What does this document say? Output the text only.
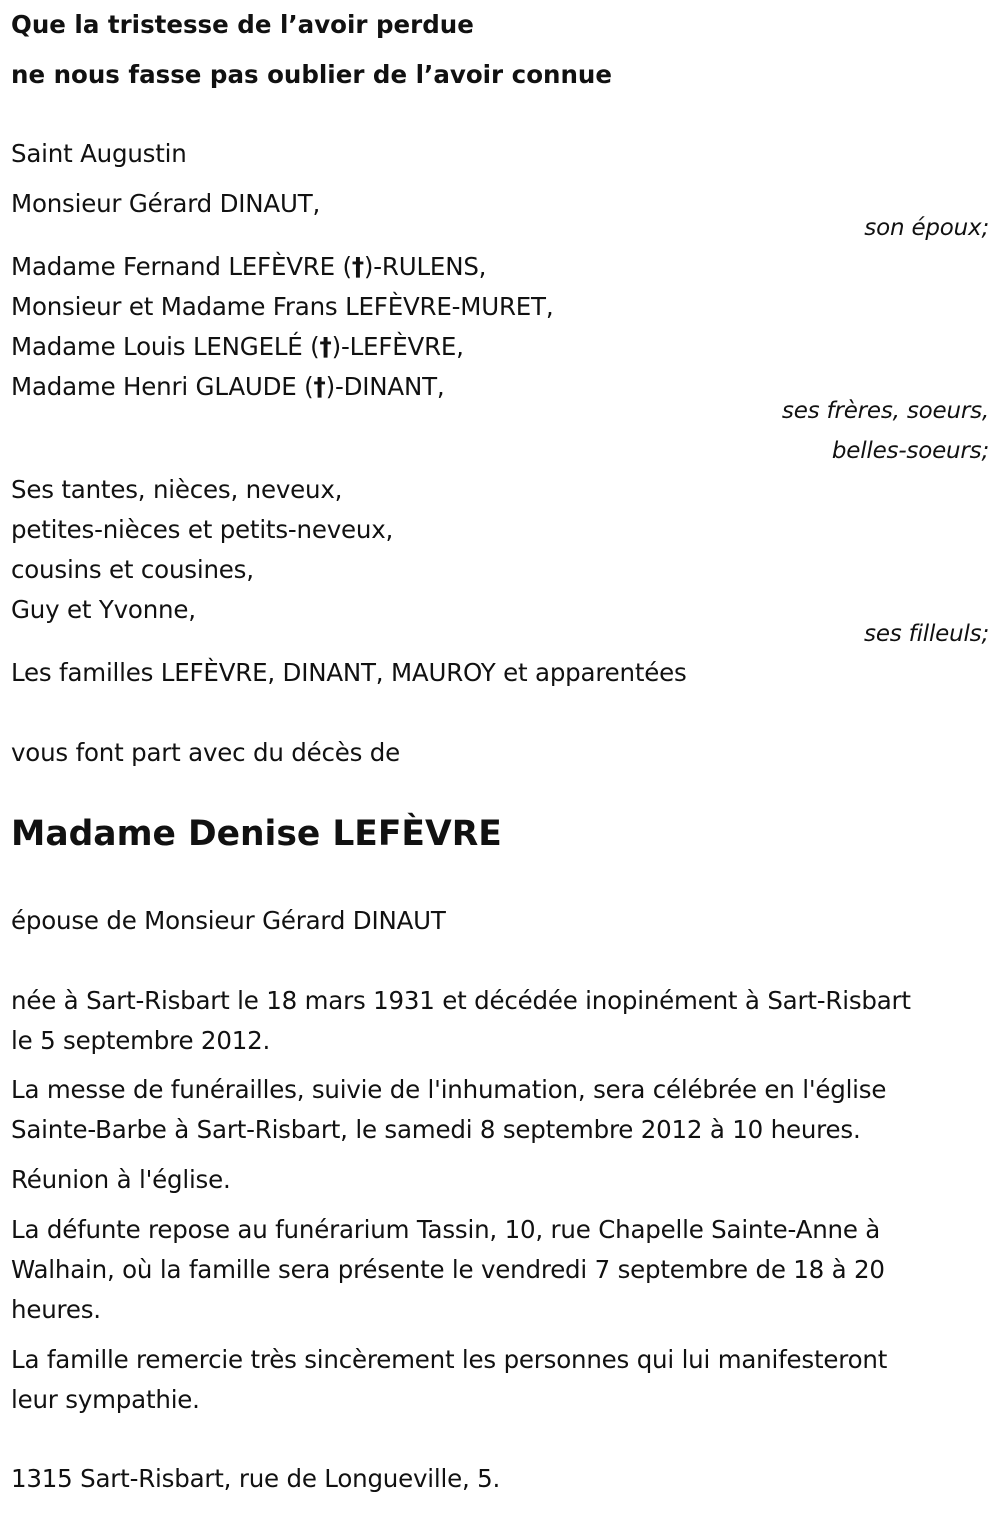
Que la tristesse de l’avoir perdue
ne nous fasse pas oublier de l’avoir connue
Saint Augustin
Monsieur Gérard DINAUT,
son époux;
Madame Fernand LEFÈVRE (†)-RULENS,
Monsieur et Madame Frans LEFÈVRE-MURET,
Madame Louis LENGELÉ (†)-LEFÈVRE,
Madame Henri GLAUDE (†)-DINANT,
ses frères, soeurs,
belles-soeurs;
Ses tantes, nièces, neveux,
petites-nièces et petits-neveux,
cousins et cousines,
Guy et Yvonne,
ses filleuls;
Les familles LEFÈVRE, DINANT, MAUROY et apparentées
vous font part avec du décès de
Madame Denise LEFÈVRE
épouse de Monsieur Gérard DINAUT
née à Sart-Risbart le 18 mars 1931 et décédée inopinément à Sart-Risbart
le 5 septembre 2012.
La messe de funérailles, suivie de l'inhumation, sera célébrée en l'église
Sainte-Barbe à Sart-Risbart, le samedi 8 septembre 2012 à 10 heures.
Réunion à l'église.
La défunte repose au funérarium Tassin, 10, rue Chapelle Sainte-Anne à
Walhain, où la famille sera présente le vendredi 7 septembre de 18 à 20
heures.
La famille remercie très sincèrement les personnes qui lui manifesteront
leur sympathie.
1315 Sart-Risbart, rue de Longueville, 5.
